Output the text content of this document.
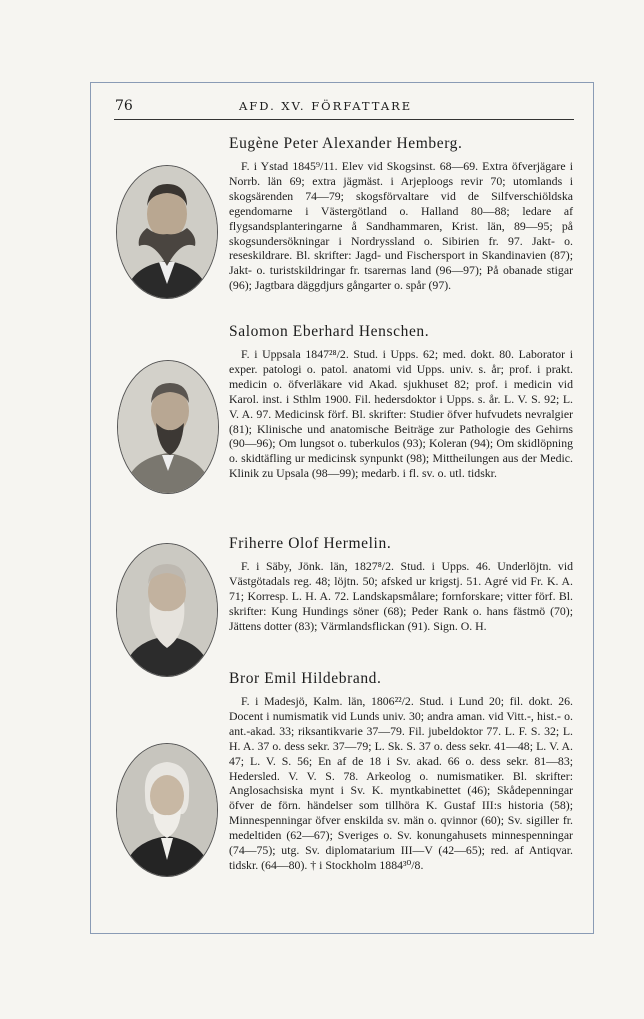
76	AFD. XV. FÖRFATTARE
Eugène Peter Alexander Hemberg.

F. i Ystad 1845⁹/11. Elev vid Skogsinst. 68—69. Extra öfverjägare i Norrb. län 69; extra jägmäst. i Arjeploogs revir 70; utomlands i skogsärenden 74—79; skogsförvaltare vid de Silfverschiöldska egendomarne i Västergötland o. Halland 80—88; ledare af flygsandsplanteringarne å Sandhammaren, Krist. län, 89—95; på skogsundersökningar i Nordryssland o. Sibirien fr. 97. Jakt- o. reseskildrare. Bl. skrifter: Jagd- und Fischersport in Skandinavien (87); Jakt- o. turistskildringar fr. tsarernas land (96—97); På obanade stigar (96); Jagtbara däggdjurs gångarter o. spår (97).

Salomon Eberhard Henschen.

F. i Uppsala 1847²⁸/2. Stud. i Upps. 62; med. dokt. 80. Laborator i exper. patologi o. patol. anatomi vid Upps. univ. s. år; prof. i prakt. medicin o. öfverläkare vid Akad. sjukhuset 82; prof. i medicin vid Karol. inst. i Sthlm 1900. Fil. hedersdoktor i Upps. s. år. L. V. S. 92; L. V. A. 97. Medicinsk förf. Bl. skrifter: Studier öfver hufvudets nevralgier (81); Klinische und anatomische Beiträge zur Pathologie des Gehirns (90—96); Om lungsot o. tuberkulos (93); Koleran (94); Om skidlöpning o. skidtäfling ur medicinsk synpunkt (98); Mittheilungen aus der Medic. Klinik zu Upsala (98—99); medarb. i fl. sv. o. utl. tidskr.

Friherre Olof Hermelin.

F. i Säby, Jönk. län, 1827⁸/2. Stud. i Upps. 46. Underlöjtn. vid Västgötadals reg. 48; löjtn. 50; afsked ur krigstj. 51. Agré vid Fr. K. A. 71; Korresp. L. H. A. 72. Landskapsmålare; fornforskare; vitter förf. Bl. skrifter: Kung Hundings söner (68); Peder Rank o. hans fästmö (70); Jättens dotter (83); Värmlandsflickan (91). Sign. O. H.

Bror Emil Hildebrand.

F. i Madesjö, Kalm. län, 1806²²/2. Stud. i Lund 20; fil. dokt. 26. Docent i numismatik vid Lunds univ. 30; andra aman. vid Vitt.-, hist.- o. ant.-akad. 33; riksantikvarie 37—79. Fil. jubeldoktor 77. L. F. S. 32; L. H. A. 37 o. dess sekr. 37—79; L. Sk. S. 37 o. dess sekr. 41—48; L. V. A. 47; L. V. S. 56; En af de 18 i Sv. akad. 66 o. dess sekr. 81—83; Hedersled. V. V. S. 78. Arkeolog o. numismatiker. Bl. skrifter: Anglosachsiska mynt i Sv. K. myntkabinettet (46); Skådepenningar öfver de förn. händelser som tillhöra K. Gustaf III:s historia (58); Minnespenningar öfver enskilda sv. män o. qvinnor (60); Sv. sigiller fr. medeltiden (62—67); Sveriges o. Sv. konungahusets minnespenningar (74—75); utg. Sv. diplomatarium III—V (42—65); red. af Antiqvar. tidskr. (64—80). † i Stockholm 1884³⁰/8.
